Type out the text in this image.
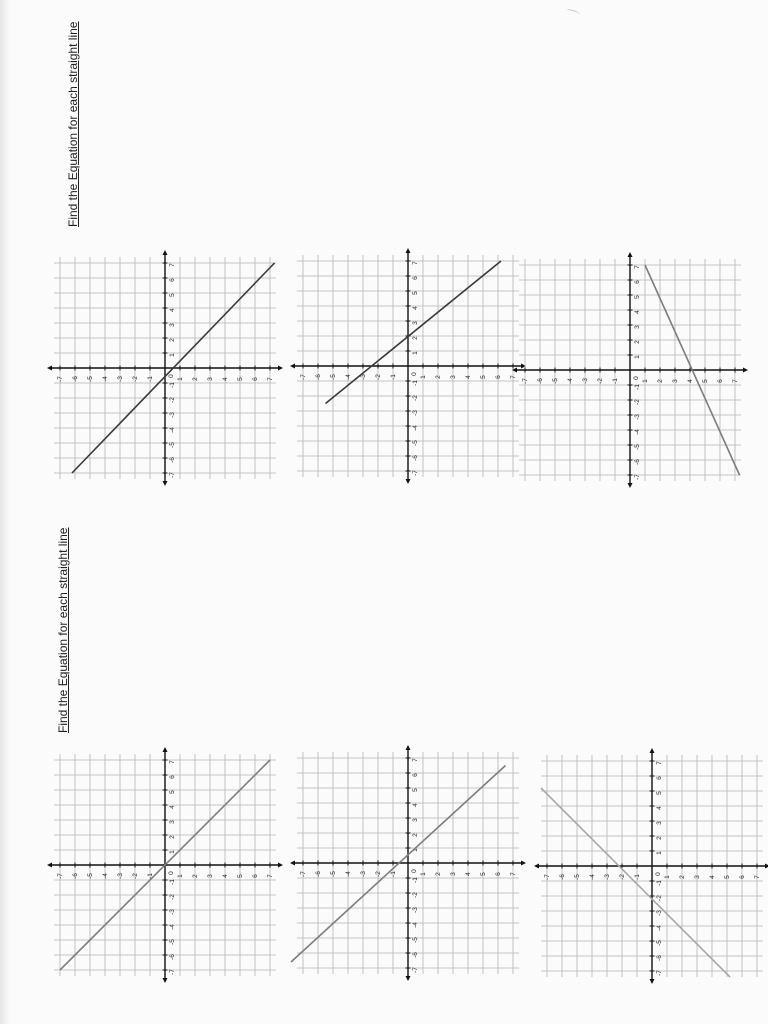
Find the Equation for each straight line
Find the Equation for each straight line
-7
-7
-6
-6
-5
-5
-4
-4
-3
-3
-2
-2
-1
-1
0
1
1
2
2
3
3
4
4
5
5
6
6
7
7
-7
-7
-6
-6
-5
-5
-4
-4
-3
-3
-2
-2
-1
-1
0
1
1
2
2
3
3
4
4
5
5
6
6
7
7
-7
-7
-6
-6
-5
-5
-4
-4
-3
-3
-2
-2
-1
-1
0
1
1
2
2
3
3
4
4
5
5
6
6
7
7
-7
-7
-6
-6
-5
-5
-4
-4
-3
-3
-2
-2
-1
-1
0
1
1
2
2
3
3
4
4
5
5
6
6
7
7
-7
-7
-6
-6
-5
-5
-4
-4
-3
-3
-2
-2
-1
-1
0
1
1
2
2
3
3
4
4
5
5
6
6
7
7
-7
-7
-6
-6
-5
-5
-4
-4
-3
-3
-2
-2
-1
-1
0
1
1
2
2
3
3
4
4
5
5
6
6
7
7
